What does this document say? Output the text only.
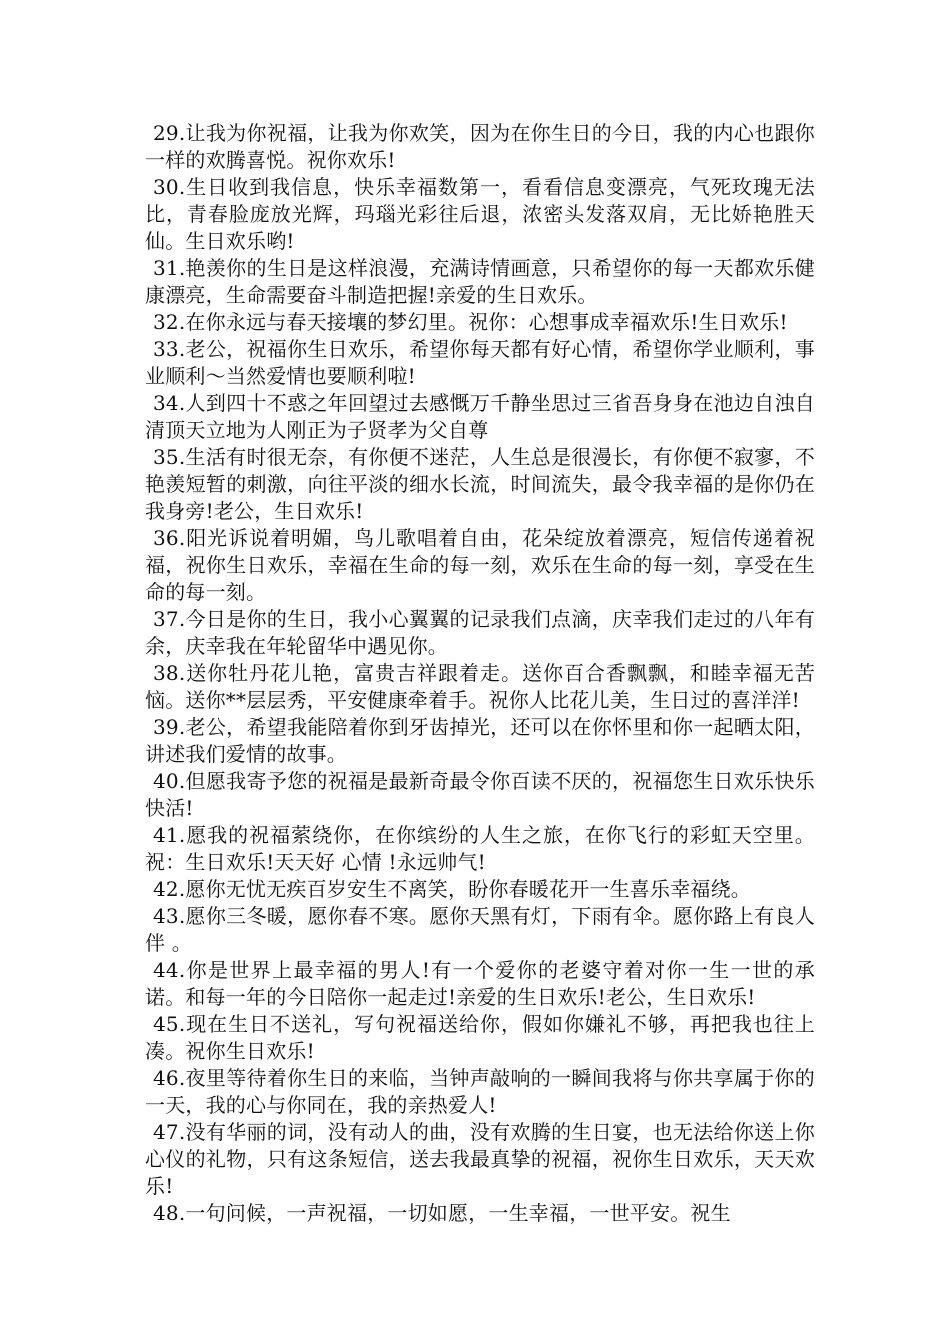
29.让我为你祝福，让我为你欢笑，因为在你生日的今日，我的内心也跟你一样的欢腾喜悦。祝你欢乐!

30.生日收到我信息，快乐幸福数第一，看看信息变漂亮，气死玫瑰无法比，青春脸庞放光辉，玛瑙光彩往后退，浓密头发落双肩，无比娇艳胜天仙。生日欢乐哟!

31.艳羡你的生日是这样浪漫，充满诗情画意，只希望你的每一天都欢乐健康漂亮，生命需要奋斗制造把握!亲爱的生日欢乐。

32.在你永远与春天接壤的梦幻里。祝你：心想事成幸福欢乐!生日欢乐!

33.老公，祝福你生日欢乐，希望你每天都有好心情，希望你学业顺利，事业顺利～当然爱情也要顺利啦!

34.人到四十不惑之年回望过去感慨万千静坐思过三省吾身身在池边自浊自清顶天立地为人刚正为子贤孝为父自尊

35.生活有时很无奈，有你便不迷茫，人生总是很漫长，有你便不寂寥，不艳羡短暂的刺激，向往平淡的细水长流，时间流失，最令我幸福的是你仍在我身旁!老公，生日欢乐!

36.阳光诉说着明媚，鸟儿歌唱着自由，花朵绽放着漂亮，短信传递着祝福，祝你生日欢乐，幸福在生命的每一刻，欢乐在生命的每一刻，享受在生命的每一刻。

37.今日是你的生日，我小心翼翼的记录我们点滴，庆幸我们走过的八年有余，庆幸我在年轮留华中遇见你。

38.送你牡丹花儿艳，富贵吉祥跟着走。送你百合香飘飘，和睦幸福无苦恼。送你**层层秀，平安健康牵着手。祝你人比花儿美，生日过的喜洋洋!

39.老公，希望我能陪着你到牙齿掉光，还可以在你怀里和你一起晒太阳，讲述我们爱情的故事。

40.但愿我寄予您的祝福是最新奇最令你百读不厌的，祝福您生日欢乐快乐快活!

41.愿我的祝福萦绕你，在你缤纷的人生之旅，在你飞行的彩虹天空里。祝：生日欢乐!天天好 心情 !永远帅气!

42.愿你无忧无疾百岁安生不离笑，盼你春暖花开一生喜乐幸福绕。

43.愿你三冬暖，愿你春不寒。愿你天黑有灯，下雨有伞。愿你路上有良人伴 。

44.你是世界上最幸福的男人!有一个爱你的老婆守着对你一生一世的承诺。和每一年的今日陪你一起走过!亲爱的生日欢乐!老公，生日欢乐!

45.现在生日不送礼，写句祝福送给你，假如你嫌礼不够，再把我也往上凑。祝你生日欢乐!

46.夜里等待着你生日的来临，当钟声敲响的一瞬间我将与你共享属于你的一天，我的心与你同在，我的亲热爱人!

47.没有华丽的词，没有动人的曲，没有欢腾的生日宴，也无法给你送上你心仪的礼物，只有这条短信，送去我最真挚的祝福，祝你生日欢乐，天天欢乐!

48.一句问候，一声祝福，一切如愿，一生幸福，一世平安。祝生
